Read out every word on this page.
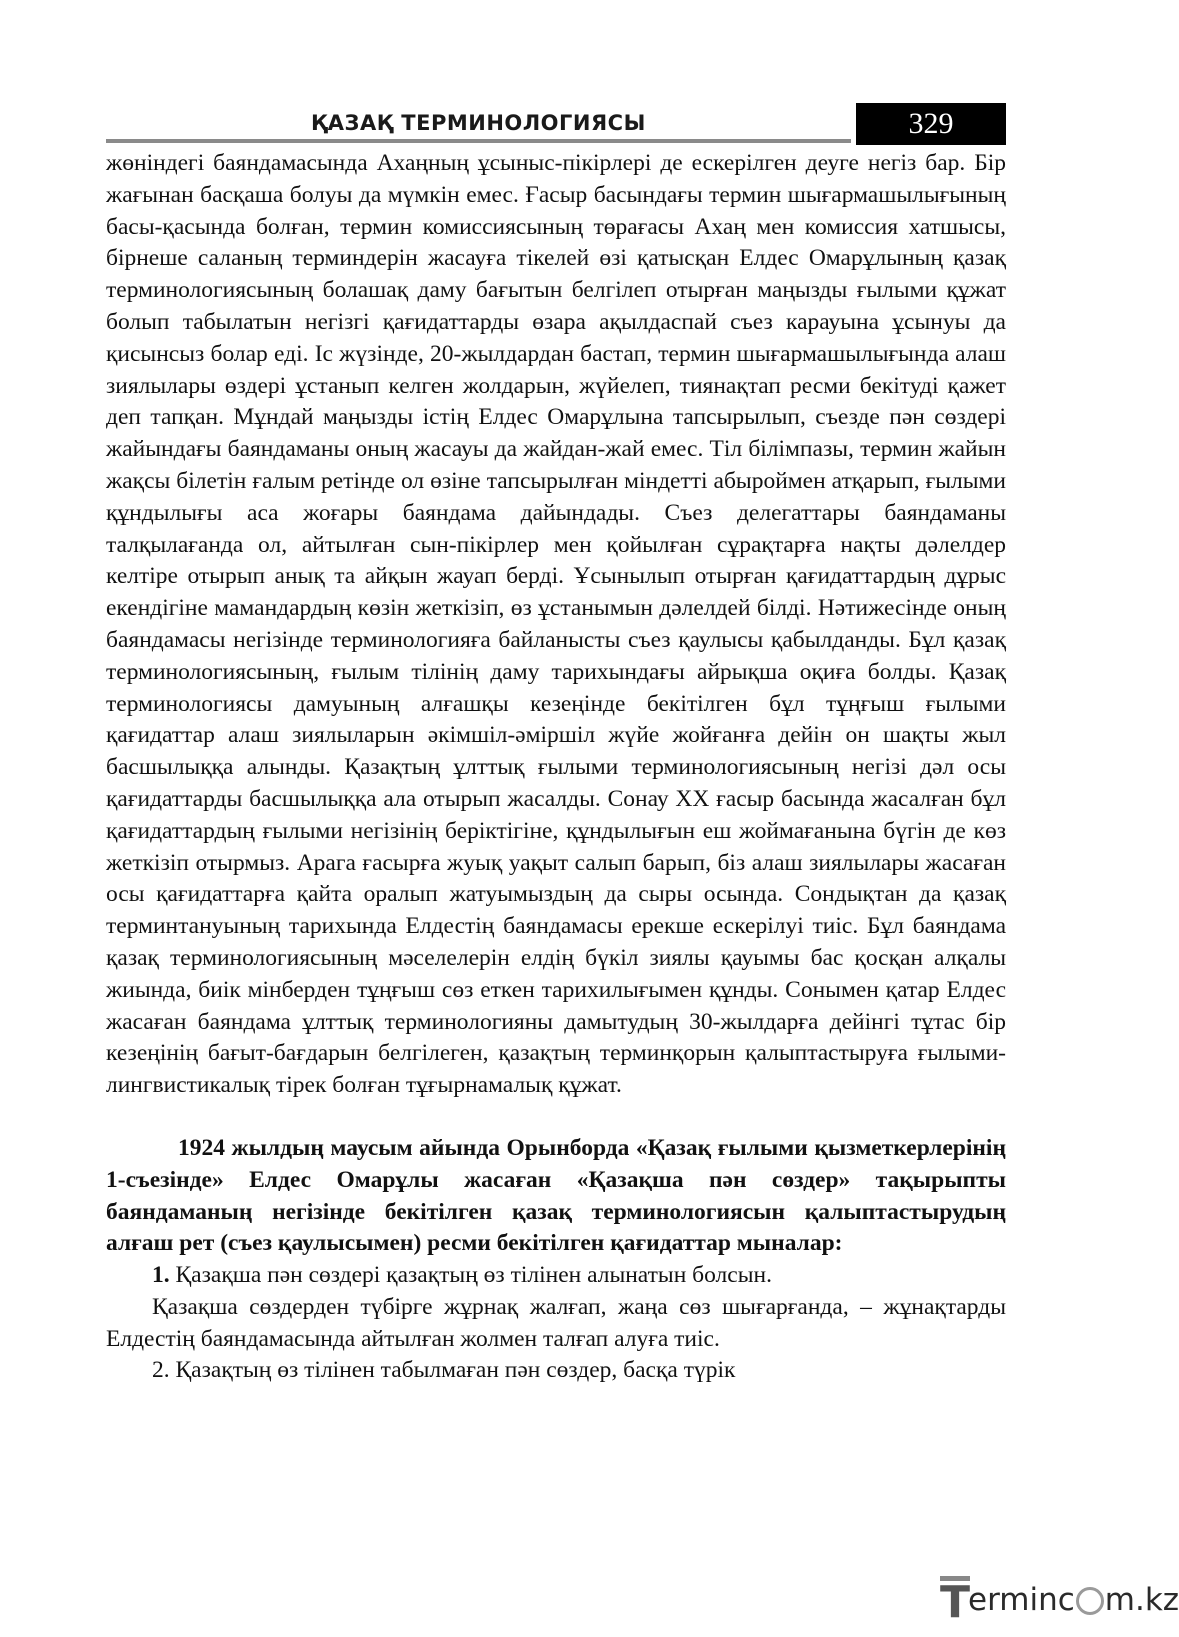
ҚАЗАҚ ТЕРМИНОЛОГИЯСЫ	329

жөніндегі баяндамасында Ахаңның ұсыныс-пікірлері де ескерілген деуге негіз бар. Бір жағынан басқаша болуы да мүмкін емес. Ғасыр басындағы термин шығармашылығының басы-қасында болған, термин комиссиясының төрағасы Ахаң мен комиссия хатшысы, бірнеше саланың терминдерін жасауға тікелей өзі қатысқан Елдес Омарұлының қазақ терминологиясының болашақ даму бағытын белгілеп отырған маңызды ғылыми құжат болып табылатын негізгі қағидаттарды өзара ақылдаспай съез карауына ұсынуы да қисынсыз болар еді. Іс жүзінде, 20-жылдардан бастап, термин шығармашылығында алаш зиялылары өздері ұстанып келген жолдарын, жүйелеп, тиянақтап ресми бекітуді қажет деп тапқан. Мұндай маңызды істің Елдес Омарұлына тапсырылып, съезде пән сөздері жайындағы баяндаманы оның жасауы да жайдан-жай емес. Тіл білімпазы, термин жайын жақсы білетін ғалым ретінде ол өзіне тапсырылған міндетті абыроймен атқарып, ғылыми құндылығы аса жоғары баяндама дайындады. Съез делегаттары баяндаманы талқылағанда ол, айтылған сын-пікірлер мен қойылған сұрақтарға нақты дәлелдер келтіре отырып анық та айқын жауап берді. Ұсынылып отырған қағидаттардың дұрыс екендігіне мамандардың көзін жеткізіп, өз ұстанымын дәлелдей білді. Нәтижесінде оның баяндамасы негізінде терминологияға байланысты съез қаулысы қабылданды. Бұл қазақ терминологиясының, ғылым тілінің даму тарихындағы айрықша оқиға болды. Қазақ терминологиясы дамуының алғашқы кезеңінде бекітілген бұл тұңғыш ғылыми қағидаттар алаш зиялыларын әкімшіл-әміршіл жүйе жойғанға дейін он шақты жыл басшылыққа алынды. Қазақтың ұлттық ғылыми терминологиясының негізі дәл осы қағидаттарды басшылыққа ала отырып жасалды. Сонау ХХ ғасыр басында жасалған бұл қағидаттардың ғылыми негізінің беріктігіне, құндылығын еш жоймағанына бүгін де көз жеткізіп отырмыз. Арага ғасырға жуық уақыт салып барып, біз алаш зиялылары жасаған осы қағидаттарға қайта оралып жатуымыздың да сыры осында. Сондықтан да қазақ терминтануының тарихында Елдестің баяндамасы ерекше ескерілуі тиіс. Бұл баяндама қазақ терминологиясының мәселелерін елдің бүкіл зиялы қауымы бас қосқан алқалы жиында, биік мінберден тұңғыш сөз еткен тарихилығымен құнды. Сонымен қатар Елдес жасаған баяндама ұлттық терминологияны дамытудың 30-жылдарға дейінгі тұтас бір кезеңінің бағыт-бағдарын белгілеген, қазақтың терминқорын қалыптастыруға ғылыми-лингвистикалық тірек болған тұғырнамалық құжат.

1924 жылдың маусым айында Орынборда «Қазақ ғылыми қызметкерлерінің 1-съезінде» Елдес Омарұлы жасаған «Қазақша пән сөздер» тақырыпты баяндаманың негізінде бекітілген қазақ терминологиясын қалыптастырудың алғаш рет (съез қаулысымен) ресми бекітілген қағидаттар мыналар:

1. Қазақша пән сөздері қазақтың өз тілінен алынатын болсын.

Қазақша сөздерден түбірге жұрнақ жалғап, жаңа сөз шығарғанда, – жұнақтарды Елдестің баяндамасында айтылған жолмен талғап алуға тиіс.

2. Қазақтың өз тілінен табылмаған пән сөздер, басқа түрік

T
erminc m.kz
